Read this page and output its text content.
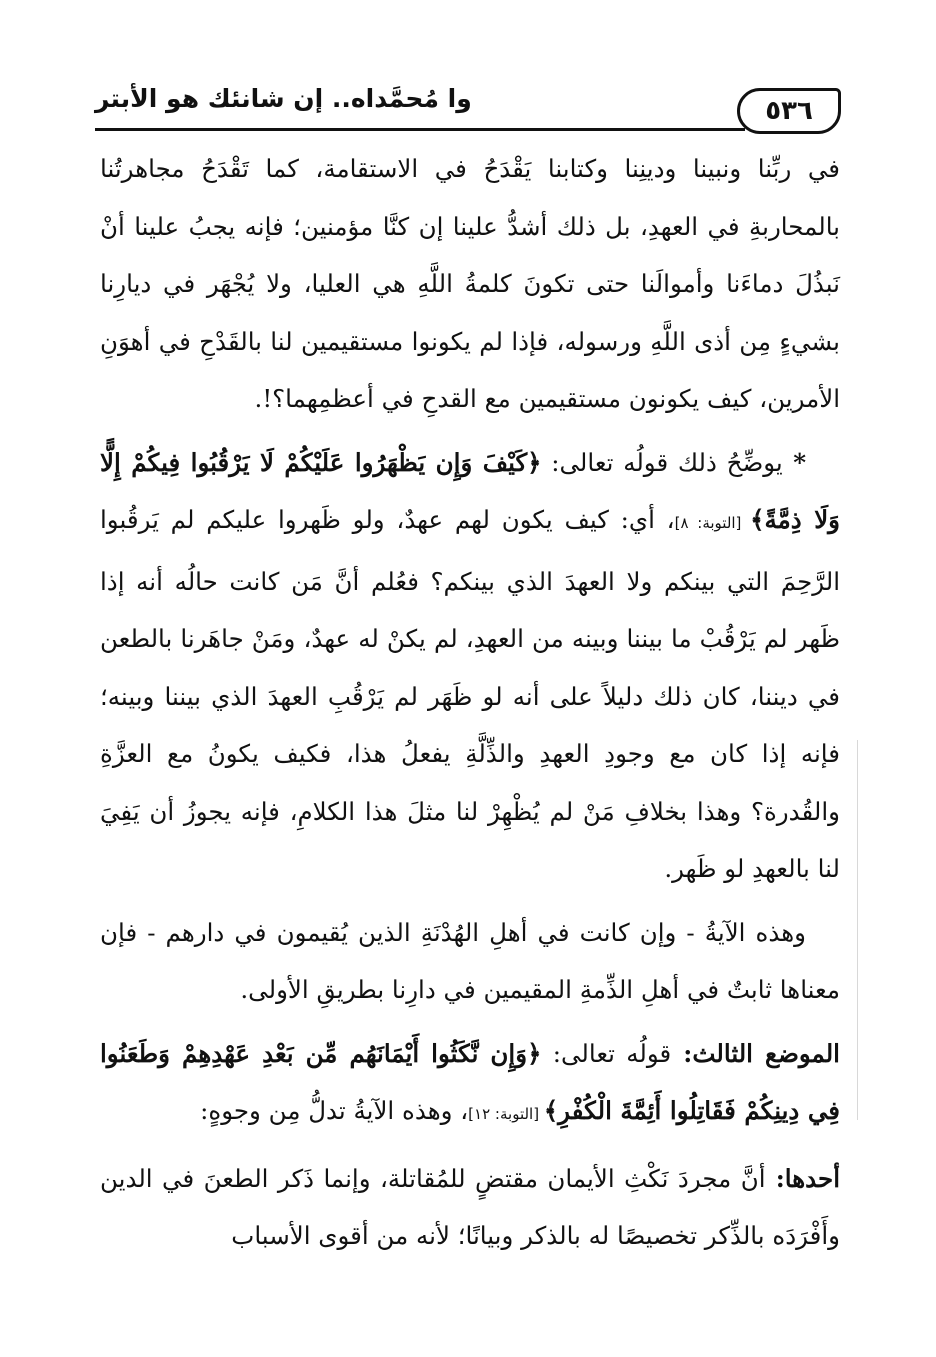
٥٣٦
وا مُحمَّداه.. إن شانئك هو الأبتر

في ربِّنا ونبينا ودينِنا وكتابنا يَقْدَحُ في الاستقامة، كما تَقْدَحُ مجاهرتُنا بالمحاربةِ في العهدِ، بل ذلك أشدُّ علينا إن كنَّا مؤمنين؛ فإنه يجبُ علينا أنْ نَبذُلَ دماءَنا وأموالَنا حتى تكونَ كلمةُ اللَّهِ هي العليا، ولا يُجْهَر في ديارِنا بشيءٍ مِن أذى اللَّهِ ورسوله، فإذا لم يكونوا مستقيمين لنا بالقَدْحِ في أهوَنِ الأمرين، كيف يكونون مستقيمين مع القدحِ في أعظمِهما؟!.

* يوضِّحُ ذلك قولُه تعالى: ﴿كَيْفَ وَإِن يَظْهَرُوا عَلَيْكُمْ لَا يَرْقُبُوا فِيكُمْ إِلًّا وَلَا ذِمَّةً﴾ [التوبة: ٨]، أي: كيف يكون لهم عهدٌ، ولو ظَهروا عليكم لم يَرقُبوا الرَّحِمَ التي بينكم ولا العهدَ الذي بينكم؟ فعُلم أنَّ مَن كانت حالُه أنه إذا ظَهر لم يَرْقُبْ ما بيننا وبينه من العهدِ، لم يكنْ له عهدٌ، ومَنْ جاهَرنا بالطعن في ديننا، كان ذلك دليلاً على أنه لو ظَهَر لم يَرْقُبِ العهدَ الذي بيننا وبينه؛ فإنه إذا كان مع وجودِ العهدِ والذِّلَّةِ يفعلُ هذا، فكيف يكونُ مع العزَّةِ والقُدرة؟ وهذا بخلافِ مَنْ لم يُظْهِرْ لنا مثلَ هذا الكلامِ، فإنه يجوزُ أن يَفِيَ لنا بالعهدِ لو ظَهر.

وهذه الآيةُ - وإن كانت في أهلِ الهُدْنَةِ الذين يُقيمون في دارهم - فإن معناها ثابتٌ في أهلِ الذِّمةِ المقيمين في دارِنا بطريقِ الأولى.

الموضع الثالث: قولُه تعالى: ﴿وَإِن نَّكَثُوا أَيْمَانَهُم مِّن بَعْدِ عَهْدِهِمْ وَطَعَنُوا فِي دِينِكُمْ فَقَاتِلُوا أَئِمَّةَ الْكُفْرِ﴾ [التوبة: ١٢]، وهذه الآيةُ تدلُّ مِن وجوهٍ:

أحدها: أنَّ مجردَ نَكْثِ الأيمان مقتضٍ للمُقاتلة، وإنما ذَكر الطعنَ في الدين وأَفْرَدَه بالذِّكر تخصيصًا له بالذكر وبيانًا؛ لأنه من أقوى الأسباب
